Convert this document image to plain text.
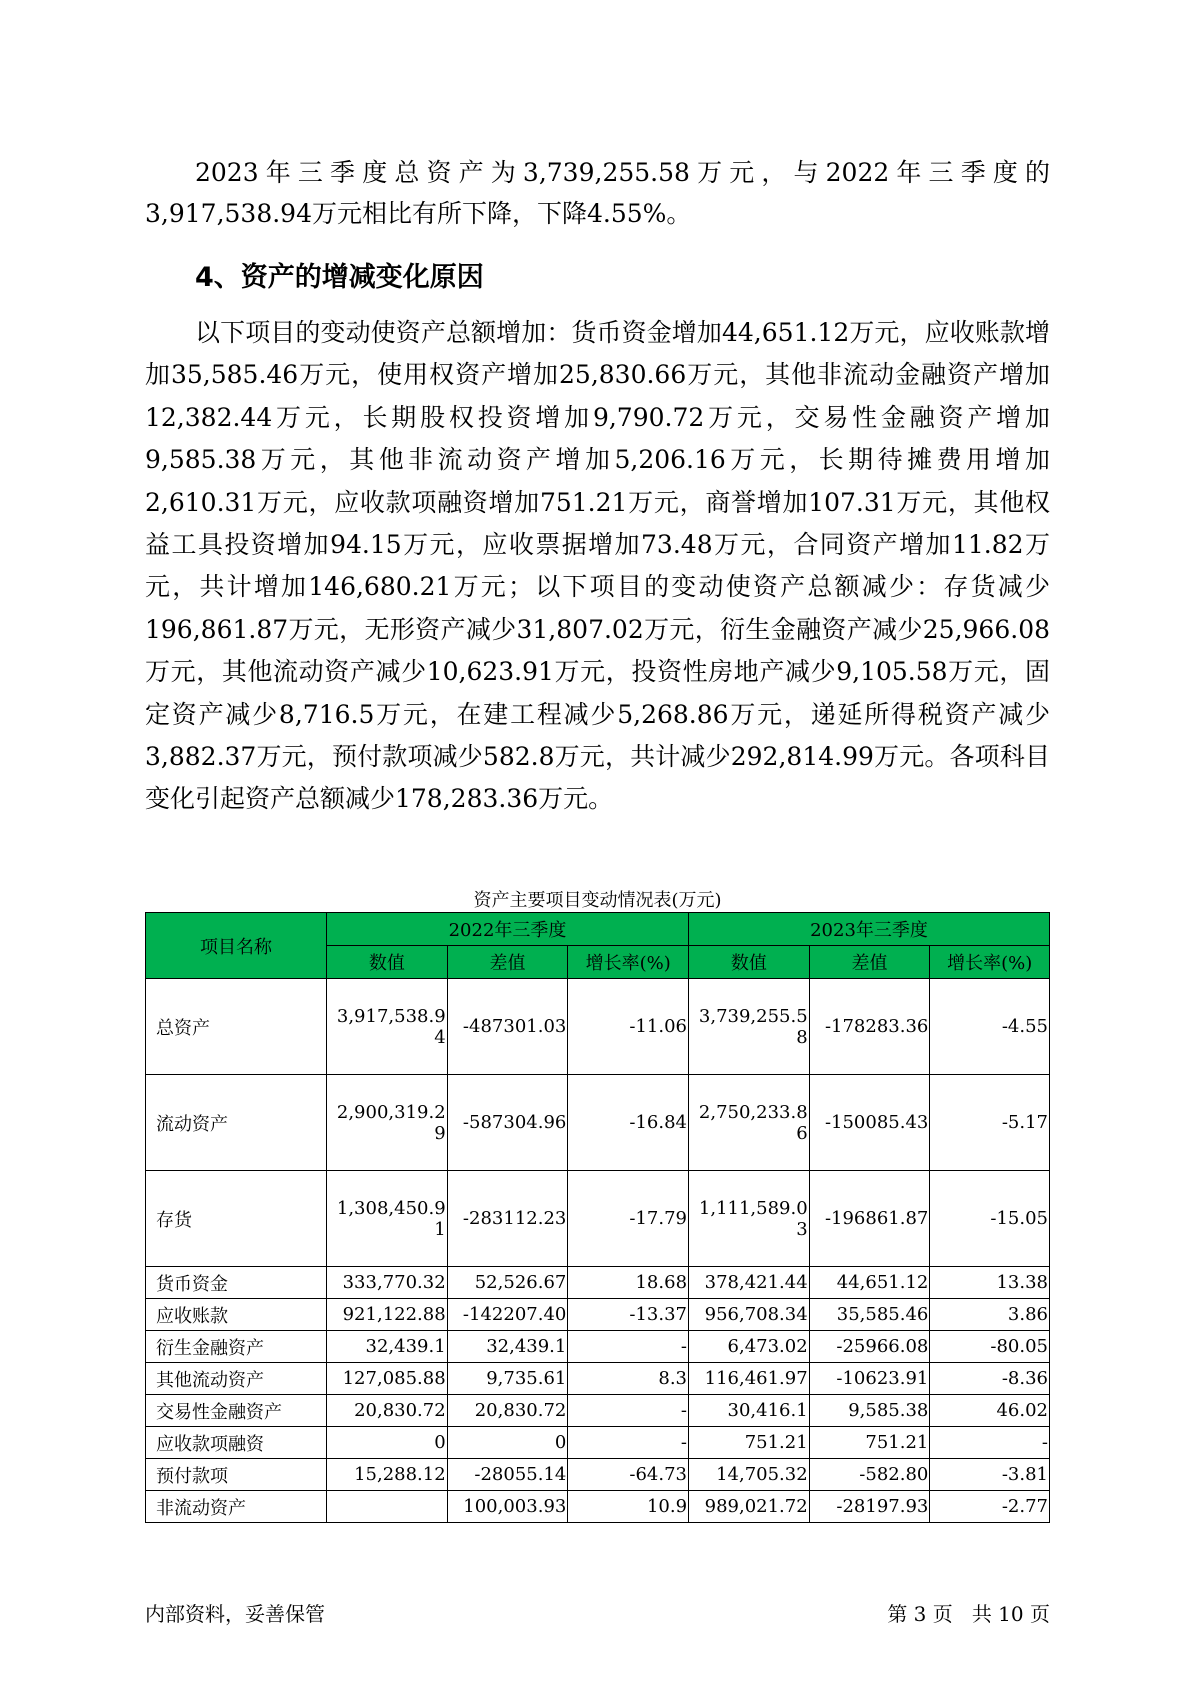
2023年三季度总资产为3,739,255.58万元，与2022年三季度的3,917,538.94万元相比有所下降，下降4.55%。

4、资产的增减变化原因

以下项目的变动使资产总额增加：货币资金增加44,651.12万元，应收账款增加35,585.46万元，使用权资产增加25,830.66万元，其他非流动金融资产增加12,382.44万元，长期股权投资增加9,790.72万元，交易性金融资产增加9,585.38万元，其他非流动资产增加5,206.16万元，长期待摊费用增加2,610.31万元，应收款项融资增加751.21万元，商誉增加107.31万元，其他权益工具投资增加94.15万元，应收票据增加73.48万元，合同资产增加11.82万元，共计增加146,680.21万元；以下项目的变动使资产总额减少：存货减少196,861.87万元，无形资产减少31,807.02万元，衍生金融资产减少25,966.08万元，其他流动资产减少10,623.91万元，投资性房地产减少9,105.58万元，固定资产减少8,716.5万元，在建工程减少5,268.86万元，递延所得税资产减少3,882.37万元，预付款项减少582.8万元，共计减少292,814.99万元。各项科目变化引起资产总额减少178,283.36万元。

资产主要项目变动情况表(万元)
项目名称	2022年三季度			2023年三季度		
	数值	差值	增长率(%)	数值	差值	增长率(%)
总资产	3,917,538.94	-487301.03	-11.06	3,739,255.58	-178283.36	-4.55
流动资产	2,900,319.29	-587304.96	-16.84	2,750,233.86	-150085.43	-5.17
存货	1,308,450.91	-283112.23	-17.79	1,111,589.03	-196861.87	-15.05
货币资金	333,770.32	52,526.67	18.68	378,421.44	44,651.12	13.38
应收账款	921,122.88	-142207.40	-13.37	956,708.34	35,585.46	3.86
衍生金融资产	32,439.1	32,439.1	-	6,473.02	-25966.08	-80.05
其他流动资产	127,085.88	9,735.61	8.3	116,461.97	-10623.91	-8.36
交易性金融资产	20,830.72	20,830.72	-	30,416.1	9,585.38	46.02
应收款项融资	0	0	-	751.21	751.21	-
预付款项	15,288.12	-28055.14	-64.73	14,705.32	-582.80	-3.81
非流动资产		100,003.93	10.9	989,021.72	-28197.93	-2.77
内部资料，妥善保管	第 3 页   共 10 页
